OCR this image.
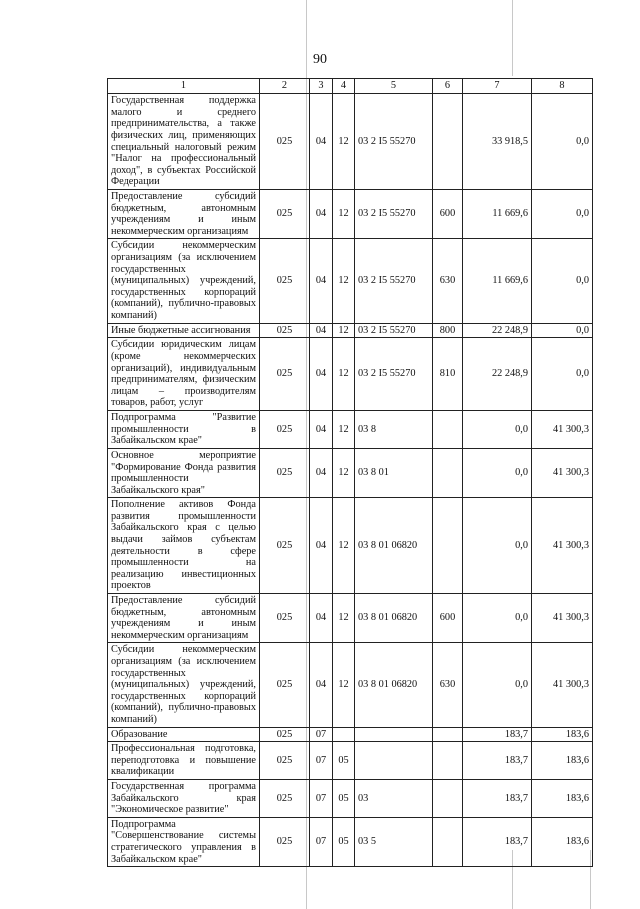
90
1	2	3	4	5	6	7	8
Государственная поддержка малого и среднего предпринимательства, а также физических лиц, применяющих специальный налоговый режим "Налог на профессиональный доход", в субъектах Российской Федерации	025	04	12	03 2 I5 55270		33 918,5	0,0
Предоставление субсидий бюджетным, автономным учреждениям и иным некоммерческим организациям	025	04	12	03 2 I5 55270	600	11 669,6	0,0
Субсидии некоммерческим организациям (за исключением государственных (муниципальных) учреждений, государственных корпораций (компаний), публично-правовых компаний)	025	04	12	03 2 I5 55270	630	11 669,6	0,0
Иные бюджетные ассигнования	025	04	12	03 2 I5 55270	800	22 248,9	0,0
Субсидии юридическим лицам (кроме некоммерческих организаций), индивидуальным предпринимателям, физическим лицам – производителям товаров, работ, услуг	025	04	12	03 2 I5 55270	810	22 248,9	0,0
Подпрограмма "Развитие промышленности в Забайкальском крае"	025	04	12	03 8		0,0	41 300,3
Основное мероприятие "Формирование Фонда развития промышленности Забайкальского края"	025	04	12	03 8 01		0,0	41 300,3
Пополнение активов Фонда развития промышленности Забайкальского края с целью выдачи займов субъектам деятельности в сфере промышленности на реализацию инвестиционных проектов	025	04	12	03 8 01 06820		0,0	41 300,3
Предоставление субсидий бюджетным, автономным учреждениям и иным некоммерческим организациям	025	04	12	03 8 01 06820	600	0,0	41 300,3
Субсидии некоммерческим организациям (за исключением государственных (муниципальных) учреждений, государственных корпораций (компаний), публично-правовых компаний)	025	04	12	03 8 01 06820	630	0,0	41 300,3
Образование	025	07				183,7	183,6
Профессиональная подготовка, переподготовка и повышение квалификации	025	07	05			183,7	183,6
Государственная программа Забайкальского края "Экономическое развитие"	025	07	05	03		183,7	183,6
Подпрограмма "Совершенствование системы стратегического управления в Забайкальском крае"	025	07	05	03 5		183,7	183,6
